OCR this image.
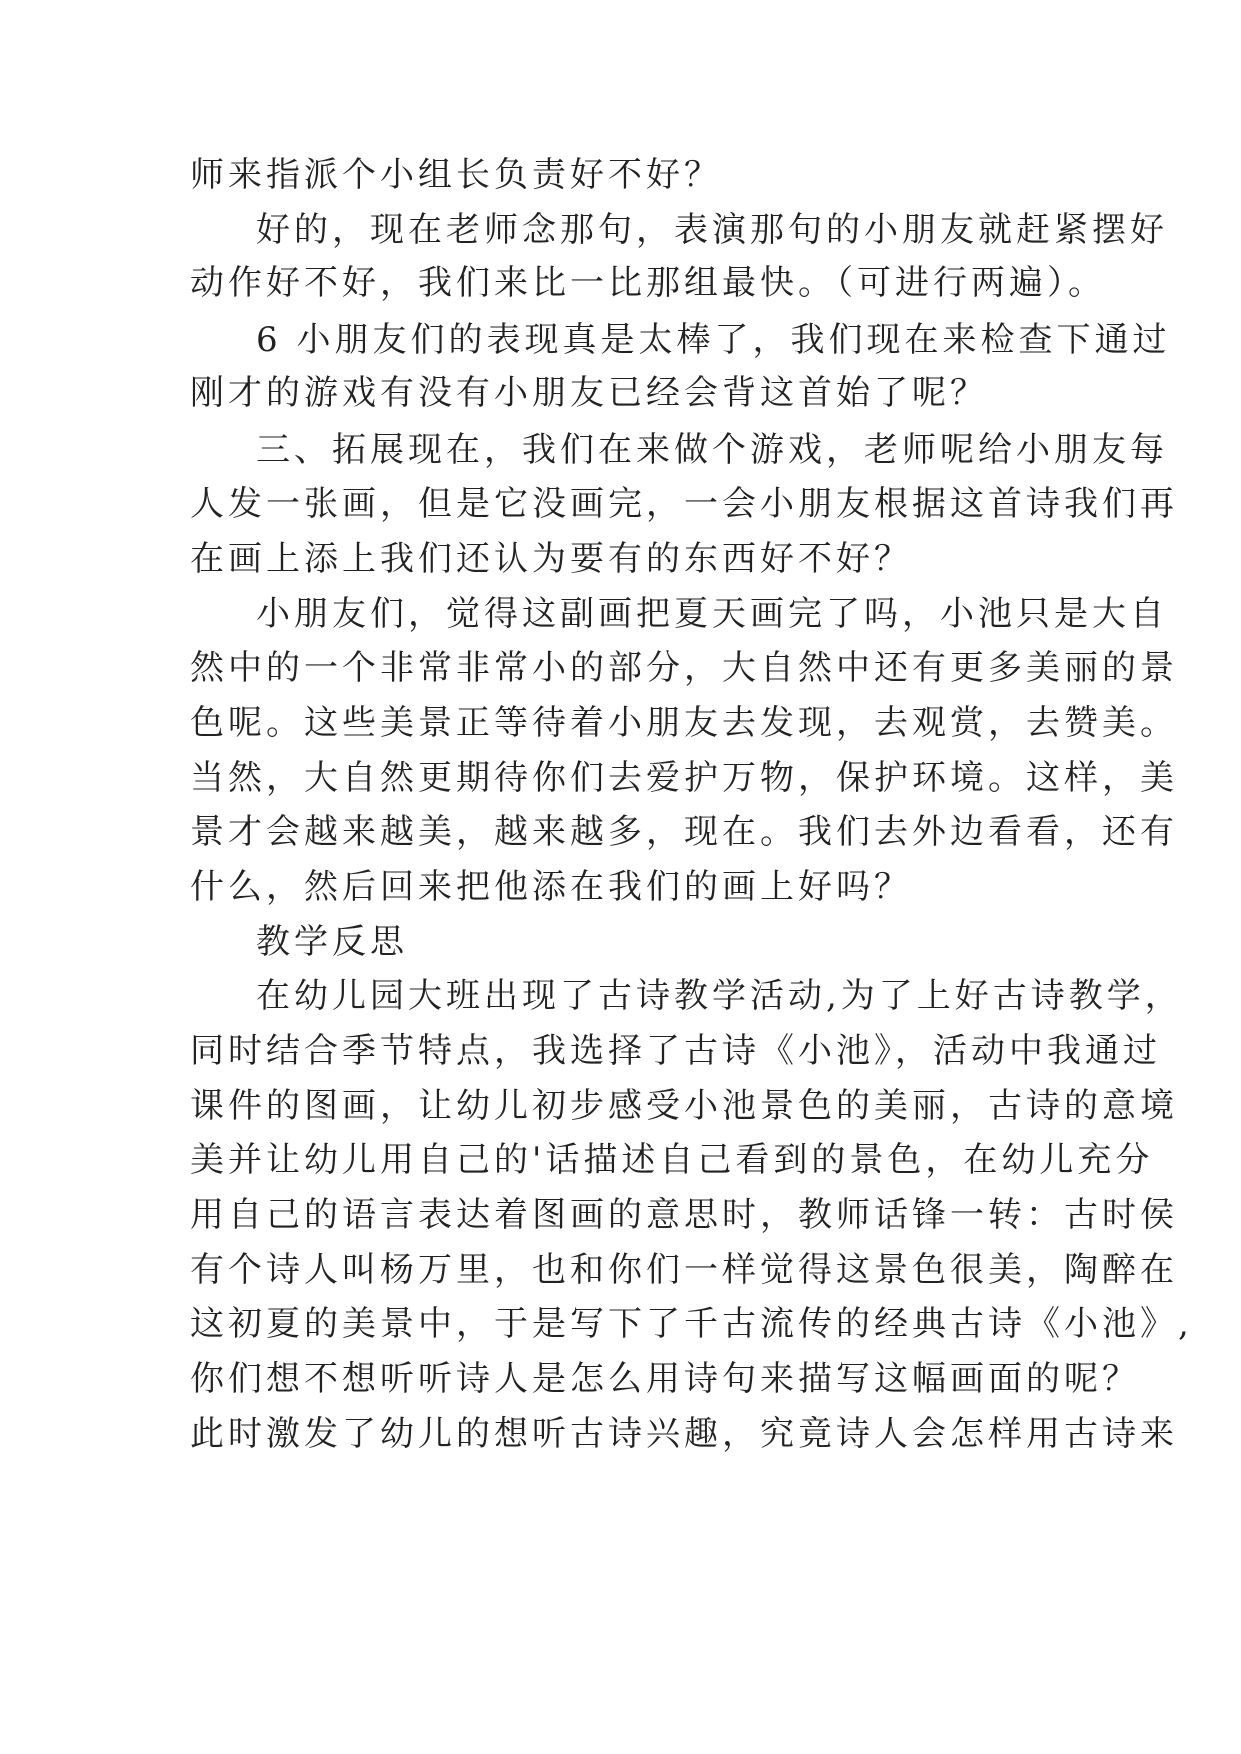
师来指派个小组长负责好不好？
好的，现在老师念那句，表演那句的小朋友就赶紧摆好
动作好不好，我们来比一比那组最快。（可进行两遍）。
6 小朋友们的表现真是太棒了，我们现在来检查下通过
刚才的游戏有没有小朋友已经会背这首始了呢？
三、拓展现在，我们在来做个游戏，老师呢给小朋友每
人发一张画，但是它没画完，一会小朋友根据这首诗我们再
在画上添上我们还认为要有的东西好不好？
小朋友们，觉得这副画把夏天画完了吗，小池只是大自
然中的一个非常非常小的部分，大自然中还有更多美丽的景
色呢。这些美景正等待着小朋友去发现，去观赏，去赞美。
当然，大自然更期待你们去爱护万物，保护环境。这样，美
景才会越来越美，越来越多，现在。我们去外边看看，还有
什么，然后回来把他添在我们的画上好吗？
教学反思
在幼儿园大班出现了古诗教学活动,为了上好古诗教学，
同时结合季节特点，我选择了古诗《小池》，活动中我通过
课件的图画，让幼儿初步感受小池景色的美丽，古诗的意境
美并让幼儿用自己的'话描述自己看到的景色，在幼儿充分
用自己的语言表达着图画的意思时，教师话锋一转：古时侯
有个诗人叫杨万里，也和你们一样觉得这景色很美，陶醉在
这初夏的美景中，于是写下了千古流传的经典古诗《小池》,
你们想不想听听诗人是怎么用诗句来描写这幅画面的呢？
此时激发了幼儿的想听古诗兴趣，究竟诗人会怎样用古诗来
